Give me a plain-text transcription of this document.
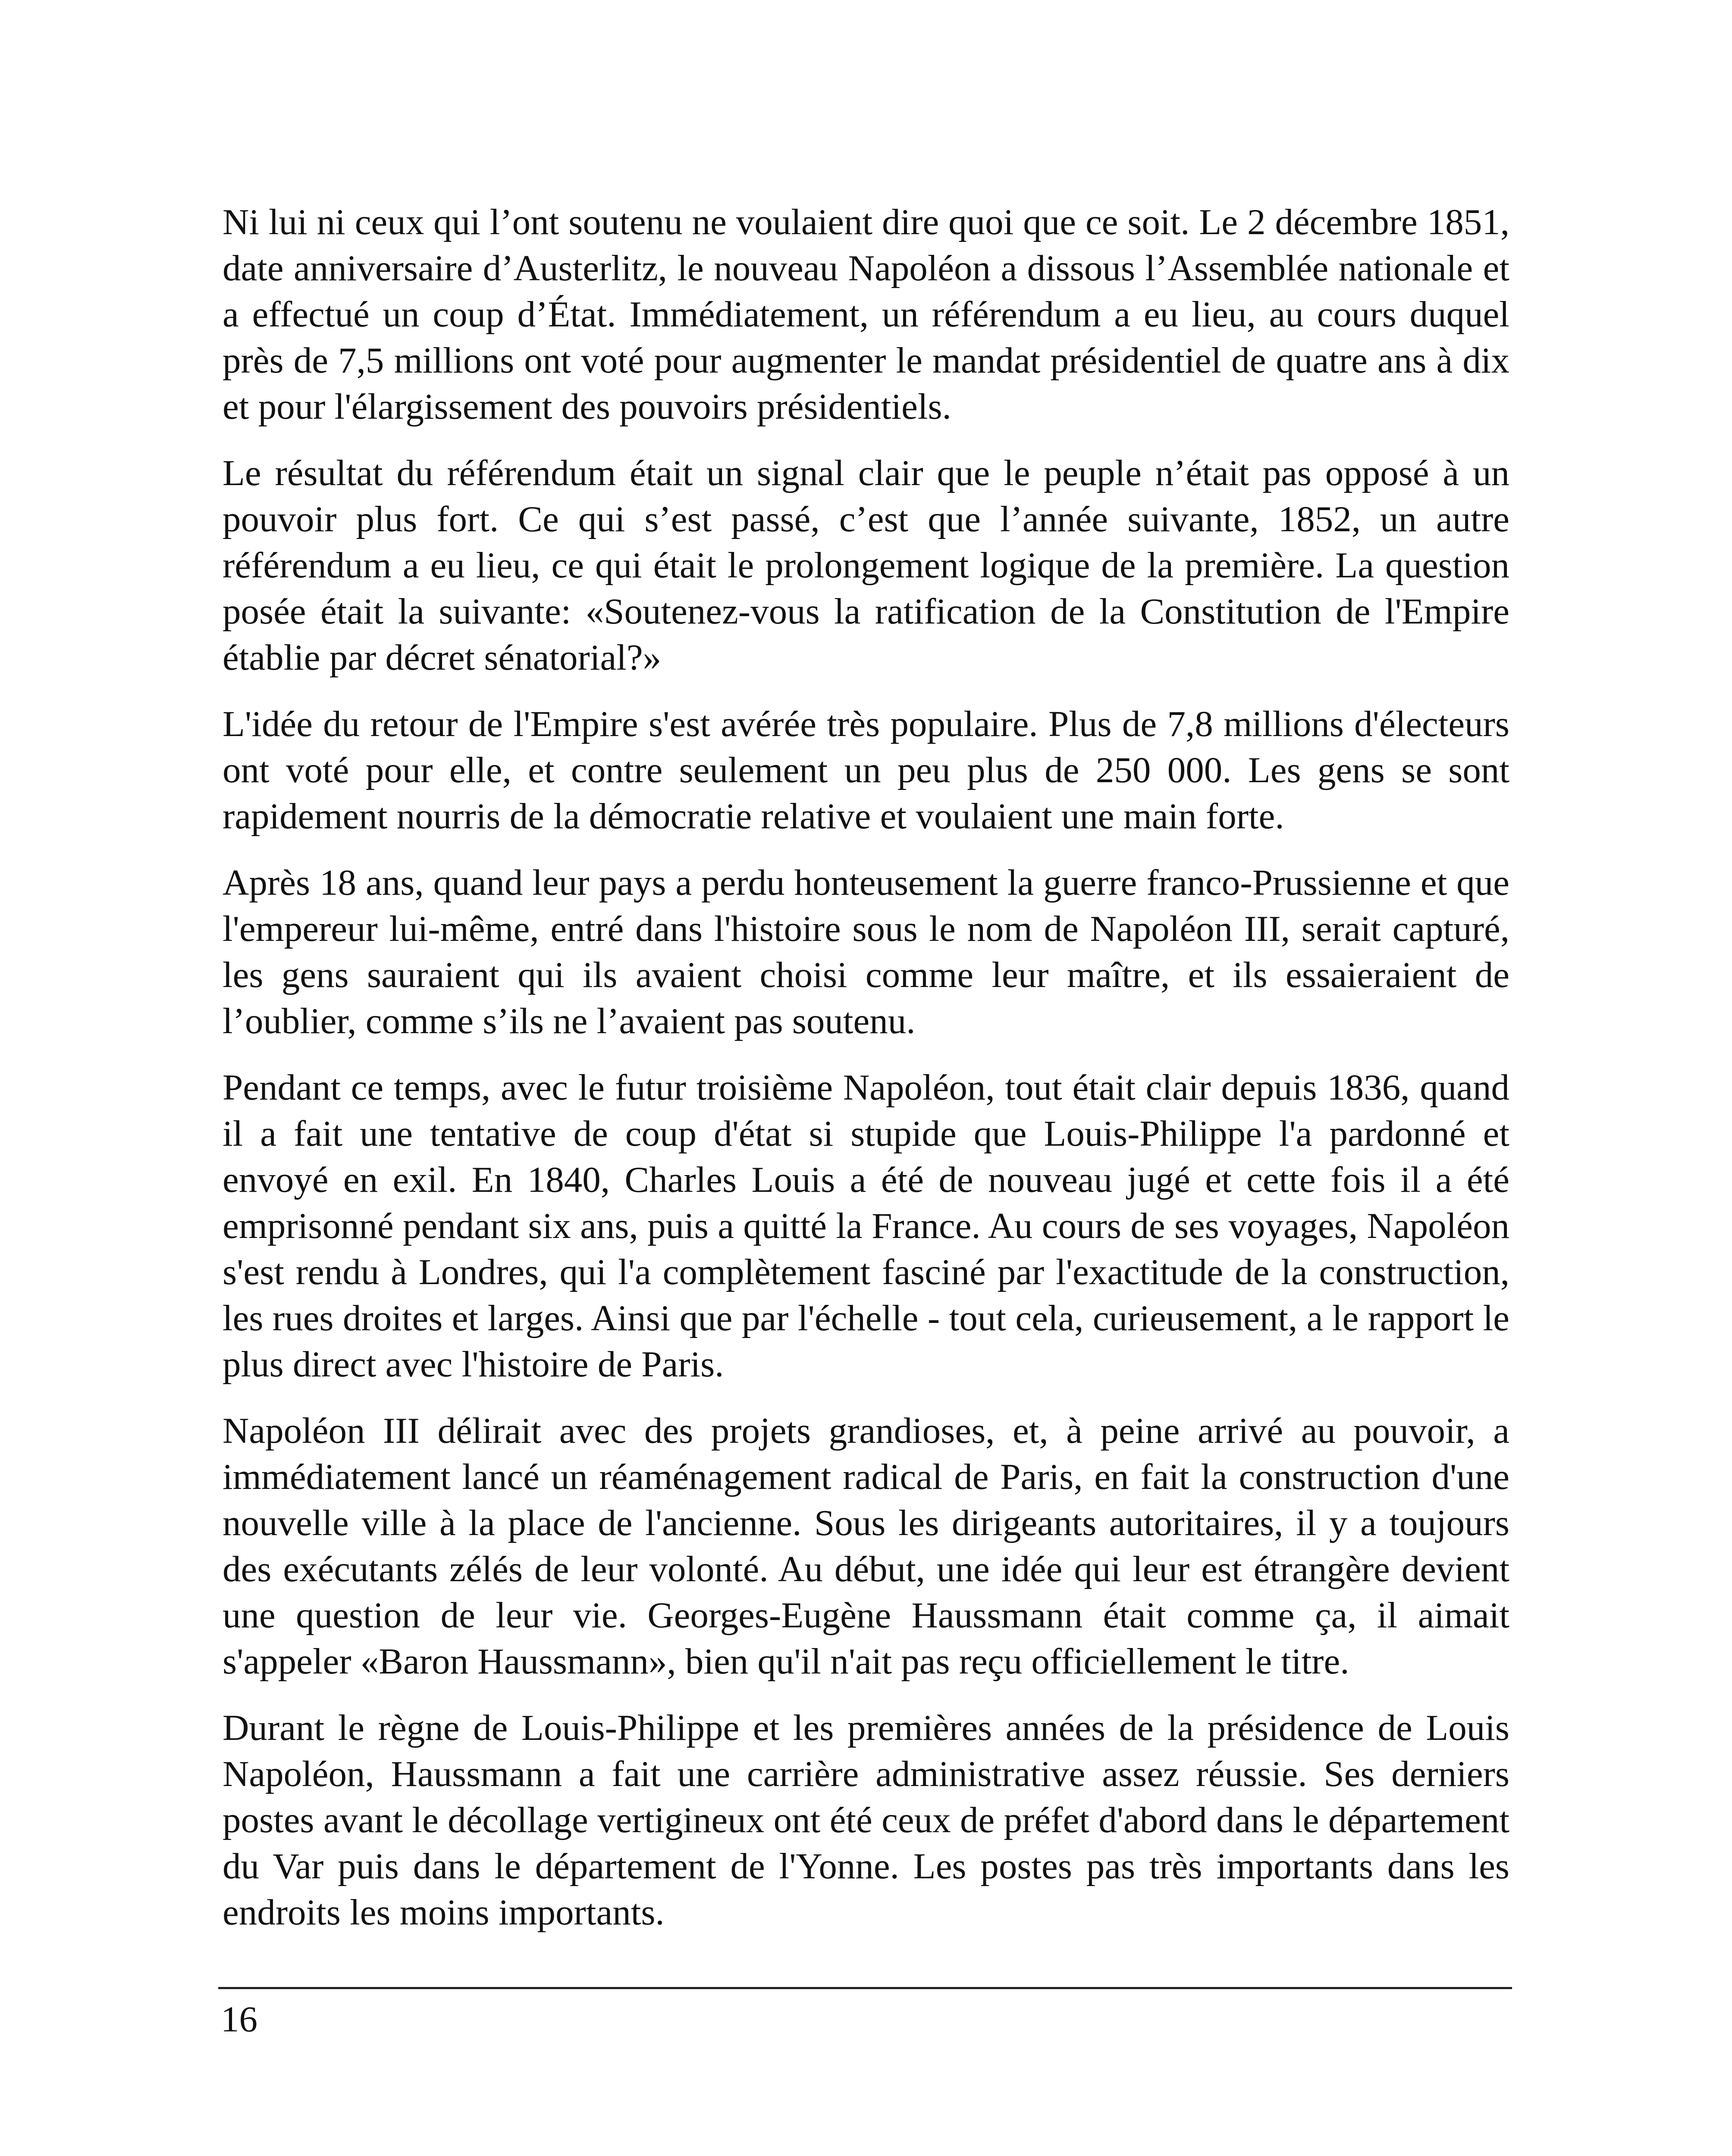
Ni lui ni ceux qui l’ont soutenu ne voulaient dire quoi que ce soit. Le 2 décembre 1851, date anniversaire d’Austerlitz, le nouveau Napoléon a dissous l’Assemblée nationale et a effectué un coup d’État. Immédiatement, un référendum a eu lieu, au cours duquel près de 7,5 millions ont voté pour augmenter le mandat présidentiel de quatre ans à dix et pour l'élargissement des pouvoirs présidentiels.

Le résultat du référendum était un signal clair que le peuple n’était pas opposé à un pouvoir plus fort. Ce qui s’est passé, c’est que l’année suivante, 1852, un autre référendum a eu lieu, ce qui était le prolongement logique de la première. La question posée était la suivante: «Soutenez-vous la ratification de la Constitution de l'Empire établie par décret sénatorial?»

L'idée du retour de l'Empire s'est avérée très populaire. Plus de 7,8 millions d'électeurs ont voté pour elle, et contre seulement un peu plus de 250 000. Les gens se sont rapidement nourris de la démocratie relative et voulaient une main forte.

Après 18 ans, quand leur pays a perdu honteusement la guerre franco-Prussienne et que l'empereur lui-même, entré dans l'histoire sous le nom de Napoléon III, serait capturé, les gens sauraient qui ils avaient choisi comme leur maître, et ils essaieraient de l’oublier, comme s’ils ne l’avaient pas soutenu.

Pendant ce temps, avec le futur troisième Napoléon, tout était clair depuis 1836, quand il a fait une tentative de coup d'état si stupide que Louis-Philippe l'a pardonné et envoyé en exil. En 1840, Charles Louis a été de nouveau jugé et cette fois il a été emprisonné pendant six ans, puis a quitté la France. Au cours de ses voyages, Napoléon s'est rendu à Londres, qui l'a complètement fasciné par l'exactitude de la construction, les rues droites et larges. Ainsi que par l'échelle - tout cela, curieusement, a le rapport le plus direct avec l'histoire de Paris.

Napoléon III délirait avec des projets grandioses, et, à peine arrivé au pouvoir, a immédiatement lancé un réaménagement radical de Paris, en fait la construction d'une nouvelle ville à la place de l'ancienne. Sous les dirigeants autoritaires, il y a toujours des exécutants zélés de leur volonté. Au début, une idée qui leur est étrangère devient une question de leur vie. Georges-Eugène Haussmann était comme ça, il aimait s'appeler «Baron Haussmann», bien qu'il n'ait pas reçu officiellement le titre.

Durant le règne de Louis-Philippe et les premières années de la présidence de Louis Napoléon, Haussmann a fait une carrière administrative assez réussie. Ses derniers postes avant le décollage vertigineux ont été ceux de préfet d'abord dans le département du Var puis dans le département de l'Yonne. Les postes pas très importants dans les endroits les moins importants.

16
